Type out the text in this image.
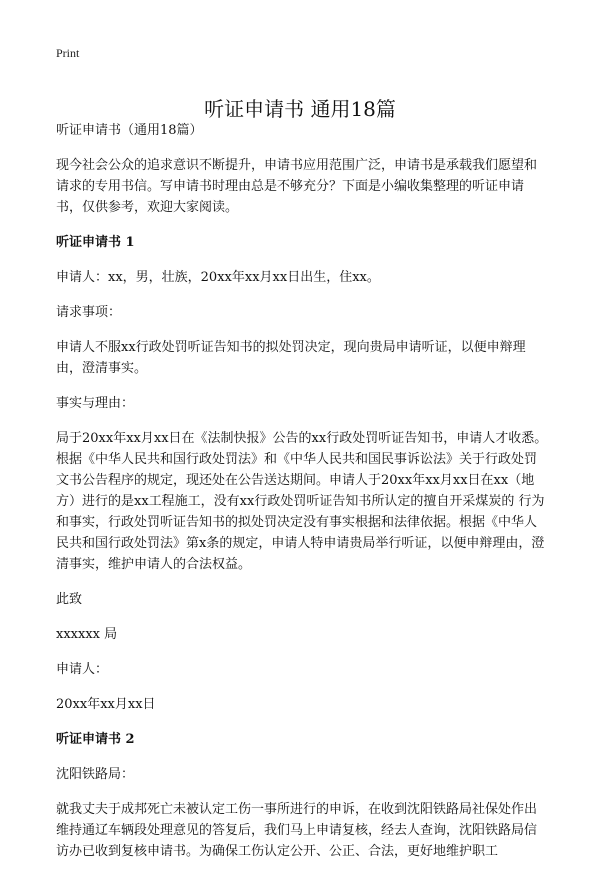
Print
听证申请书 通用18篇

听证申请书（通用18篇）

现今社会公众的追求意识不断提升，申请书应用范围广泛，申请书是承载我们愿望和请求的专用书信。写申请书时理由总是不够充分？下面是小编收集整理的听证申请书，仅供参考，欢迎大家阅读。

听证申请书 1

申请人：xx，男，壮族，20xx年xx月xx日出生，住xx。

请求事项：

申请人不服xx行政处罚听证告知书的拟处罚决定，现向贵局申请听证，以便申辩理由，澄清事实。

事实与理由：

局于20xx年xx月xx日在《法制快报》公告的xx行政处罚听证告知书，申请人才收悉。根据《中华人民共和国行政处罚法》和《中华人民共和国民事诉讼法》关于行政处罚文书公告程序的规定，现还处在公告送达期间。申请人于20xx年xx月xx日在xx（地方）进行的是xx工程施工，没有xx行政处罚听证告知书所认定的擅自开采煤炭的 行为和事实，行政处罚听证告知书的拟处罚决定没有事实根据和法律依据。根据《中华人民共和国行政处罚法》第x条的规定，申请人特申请贵局举行听证，以便申辩理由，澄清事实，维护申请人的合法权益。

此致

xxxxxx 局

申请人：

20xx年xx月xx日

听证申请书 2

沈阳铁路局：

就我丈夫于成邦死亡未被认定工伤一事所进行的申诉，在收到沈阳铁路局社保处作出维持通辽车辆段处理意见的答复后，我们马上申请复核，经去人查询，沈阳铁路局信访办已收到复核申请书。为确保工伤认定公开、公正、合法，更好地维护职工
